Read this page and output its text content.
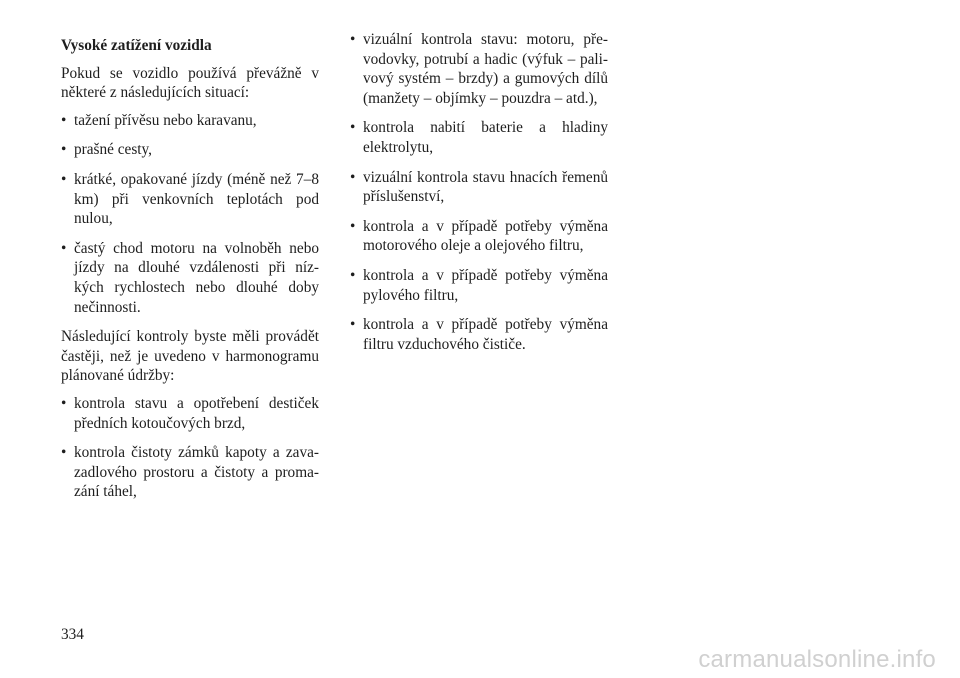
Vysoké zatížení vozidla

Pokud se vozidlo používá převážně v některé z následujících situací:

• tažení přívěsu nebo karavanu,
• prašné cesty,
• krátké, opakované jízdy (méně než 7–8 km) při venkovních teplotách pod nulou,
• častý chod motoru na volnoběh nebo jízdy na dlouhé vzdálenosti při níz-kých rychlostech nebo dlouhé doby nečinnosti.

Následující kontroly byste měli provádět častěji, než je uvedeno v harmonogramu plánované údržby:

• kontrola stavu a opotřebení destiček předních kotoučových brzd,
• kontrola čistoty zámků kapoty a zava-zadlového prostoru a čistoty a proma-zání táhel,
• vizuální kontrola stavu: motoru, pře-vodovky, potrubí a hadic (výfuk – pali-vový systém – brzdy) a gumových dílů (manžety – objímky – pouzdra – atd.),
• kontrola nabití baterie a hladiny elektrolytu,
• vizuální kontrola stavu hnacích řemenů příslušenství,
• kontrola a v případě potřeby výměna motorového oleje a olejového filtru,
• kontrola a v případě potřeby výměna pylového filtru,
• kontrola a v případě potřeby výměna filtru vzduchového čističe.
334
carmanualsonline.info
